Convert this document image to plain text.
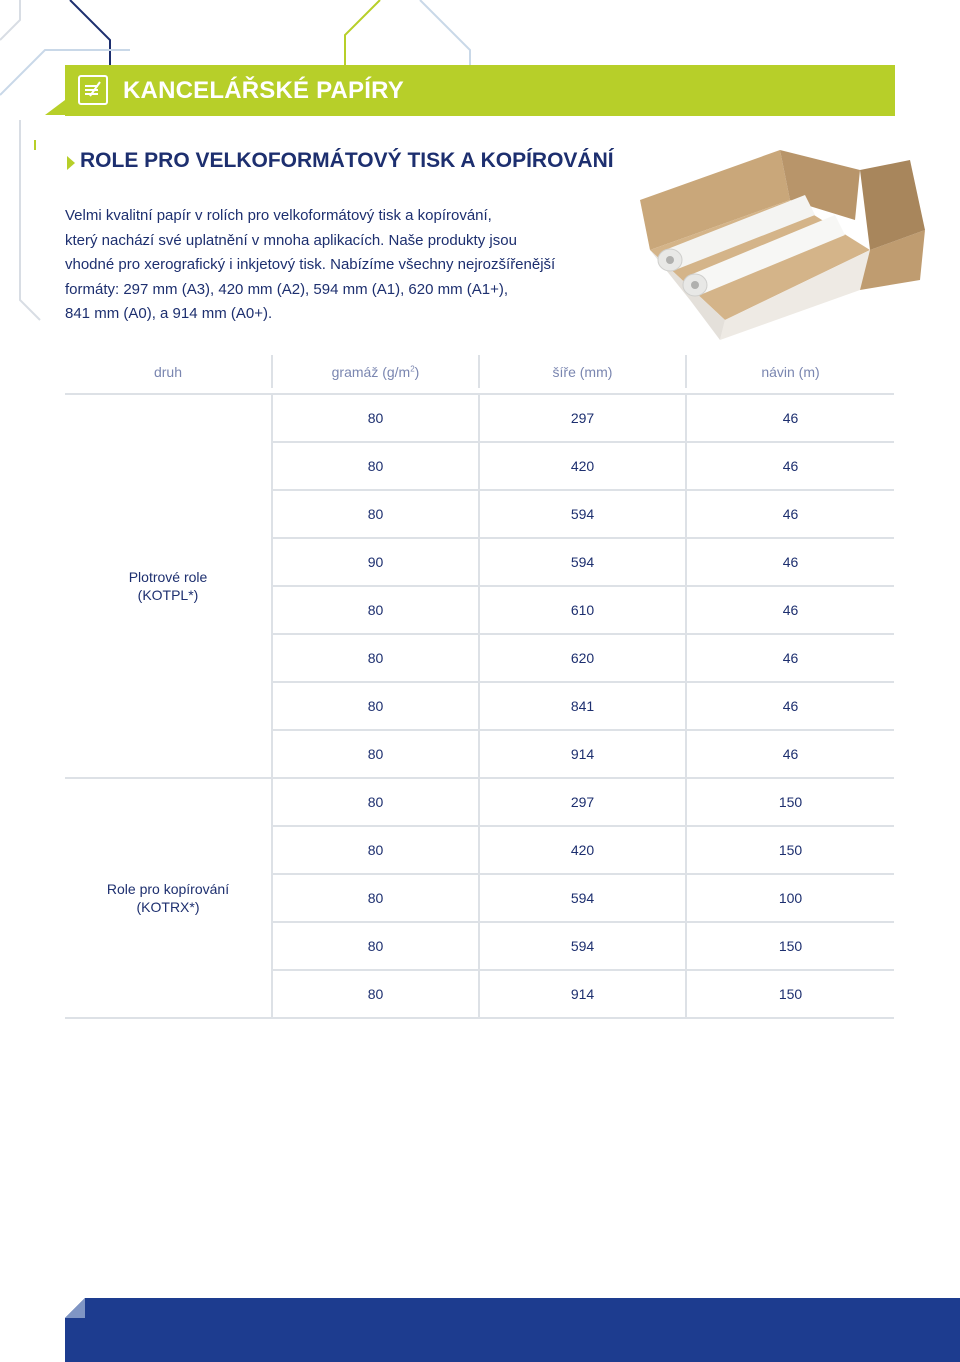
KANCELÁŘSKÉ PAPÍRY
ROLE PRO VELKOFORMÁTOVÝ TISK A KOPÍROVÁNÍ
Velmi kvalitní papír v rolích pro velkoformátový tisk a kopírování,
který nachází své uplatnění v mnoha aplikacích. Naše produkty jsou
vhodné pro xerografický i inkjetový tisk. Nabízíme všechny nejrozšířenější
formáty: 297 mm (A3), 420 mm (A2), 594 mm (A1), 620 mm (A1+),
841 mm (A0), a 914 mm (A0+).
druh	gramáž $(g/m^2)$	šíře (mm)	návin (m)

Plotrové role
(KOTPL*)	80	297	46
	80	420	46
	80	594	46
	90	594	46
	80	610	46
	80	620	46
	80	841	46
	80	914	46

Role pro kopírování
(KOTRX*)	80	297	150
	80	420	150
	80	594	100
	80	594	150
	80	914	150
